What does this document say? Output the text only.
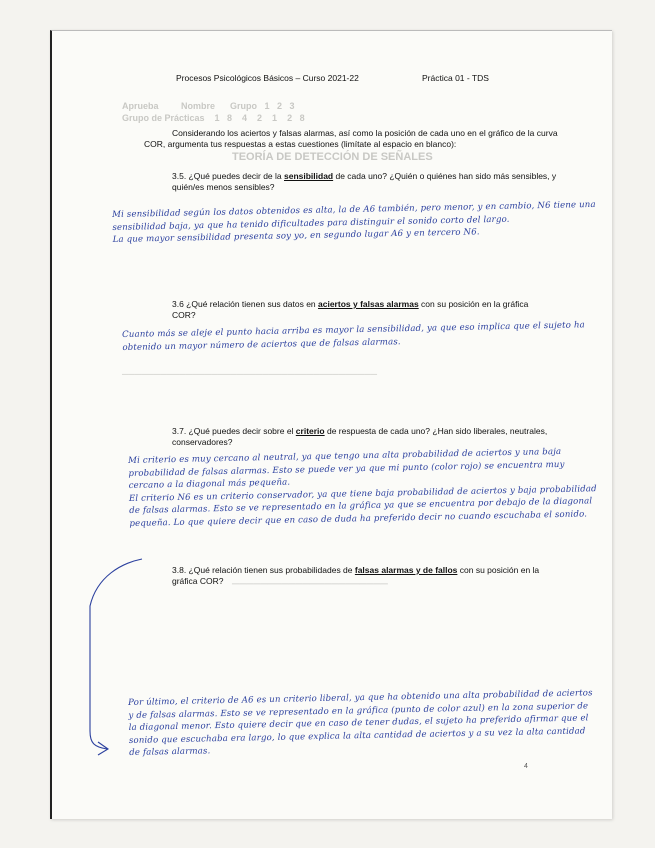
Aprueba         Nombre      Grupo   1   2   3
Grupo de Prácticas    1   8    4    2    1    2   8
TEORÍA DE DETECCIÓN DE SEÑALES
────────────────────────────────────────
──────────────────────
Procesos Psicológicos Básicos – Curso 2021-22	Práctica 01 - TDS
Considerando los aciertos y falsas alarmas, así como la posición de cada uno en el gráfico de la curva COR, argumenta tus respuestas a estas cuestiones (limítate al espacio en blanco):
3.5. ¿Qué puedes decir de la sensibilidad de cada uno? ¿Quién o quiénes han sido más sensibles, y quién/es menos sensibles?
Mi sensibilidad según los datos obtenidos es alta, la de A6 también, pero menor, y en cambio, N6 tiene una sensibilidad baja, ya que ha tenido dificultades para distinguir el sonido corto del largo.
La que mayor sensibilidad presenta soy yo, en segundo lugar A6 y en tercero N6.
3.6 ¿Qué relación tienen sus datos en aciertos y falsas alarmas con su posición en la gráfica COR?
Cuanto más se aleje el punto hacia arriba es mayor la sensibilidad, ya que eso implica que el sujeto ha obtenido un mayor número de aciertos que de falsas alarmas.
3.7. ¿Qué puedes decir sobre el criterio de respuesta de cada uno? ¿Han sido liberales, neutrales, conservadores?
Mi criterio es muy cercano al neutral, ya que tengo una alta probabilidad de aciertos y una baja probabilidad de falsas alarmas. Esto se puede ver ya que mi punto (color rojo) se encuentra muy cercano a la diagonal más pequeña.
El criterio N6 es un criterio conservador, ya que tiene baja probabilidad de aciertos y baja probabilidad de falsas alarmas. Esto se ve representado en la gráfica ya que se encuentra por debajo de la diagonal pequeña. Lo que quiere decir que en caso de duda ha preferido decir no cuando escuchaba el sonido.
3.8. ¿Qué relación tienen sus probabilidades de falsas alarmas y de fallos con su posición en la gráfica COR?
Por último, el criterio de A6 es un criterio liberal, ya que ha obtenido una alta probabilidad de aciertos y de falsas alarmas. Esto se ve representado en la gráfica (punto de color azul) en la zona superior de la diagonal menor. Esto quiere decir que en caso de tener dudas, el sujeto ha preferido afirmar que el sonido que escuchaba era largo, lo que explica la alta cantidad de aciertos y a su vez la alta cantidad de falsas alarmas.
4
